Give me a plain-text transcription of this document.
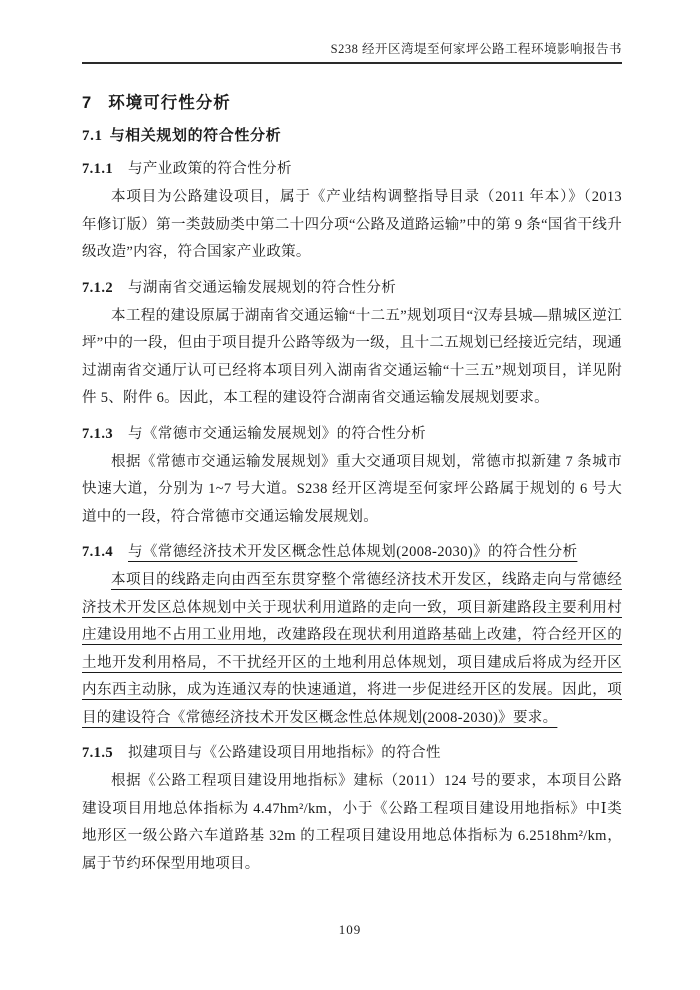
S238 经开区湾堤至何家坪公路工程环境影响报告书
7 环境可行性分析
7.1 与相关规划的符合性分析
7.1.1 与产业政策的符合性分析

本项目为公路建设项目，属于《产业结构调整指导目录（2011 年本）》（2013 年修订版）第一类鼓励类中第二十四分项“公路及道路运输”中的第 9 条“国省干线升级改造”内容，符合国家产业政策。

7.1.2 与湖南省交通运输发展规划的符合性分析

本工程的建设原属于湖南省交通运输“十二五”规划项目“汉寿县城—鼎城区逆江坪”中的一段，但由于项目提升公路等级为一级，且十二五规划已经接近完结，现通过湖南省交通厅认可已经将本项目列入湖南省交通运输“十三五”规划项目，详见附件 5、附件 6。因此，本工程的建设符合湖南省交通运输发展规划要求。

7.1.3 与《常德市交通运输发展规划》的符合性分析

根据《常德市交通运输发展规划》重大交通项目规划，常德市拟新建 7 条城市快速大道，分别为 1~7 号大道。S238 经开区湾堤至何家坪公路属于规划的 6 号大道中的一段，符合常德市交通运输发展规划。

7.1.4 与《常德经济技术开发区概念性总体规划(2008-2030)》的符合性分析

本项目的线路走向由西至东贯穿整个常德经济技术开发区，线路走向与常德经济技术开发区总体规划中关于现状利用道路的走向一致，项目新建路段主要利用村庄建设用地不占用工业用地，改建路段在现状利用道路基础上改建，符合经开区的土地开发利用格局，不干扰经开区的土地利用总体规划，项目建成后将成为经开区内东西主动脉，成为连通汉寿的快速通道，将进一步促进经开区的发展。因此，项目的建设符合《常德经济技术开发区概念性总体规划(2008-2030)》要求。

7.1.5 拟建项目与《公路建设项目用地指标》的符合性

根据《公路工程项目建设用地指标》建标（2011）124 号的要求，本项目公路建设项目用地总体指标为 4.47hm²/km，小于《公路工程项目建设用地指标》中Ⅰ类地形区一级公路六车道路基 32m 的工程项目建设用地总体指标为 6.2518hm²/km，属于节约环保型用地项目。

109
